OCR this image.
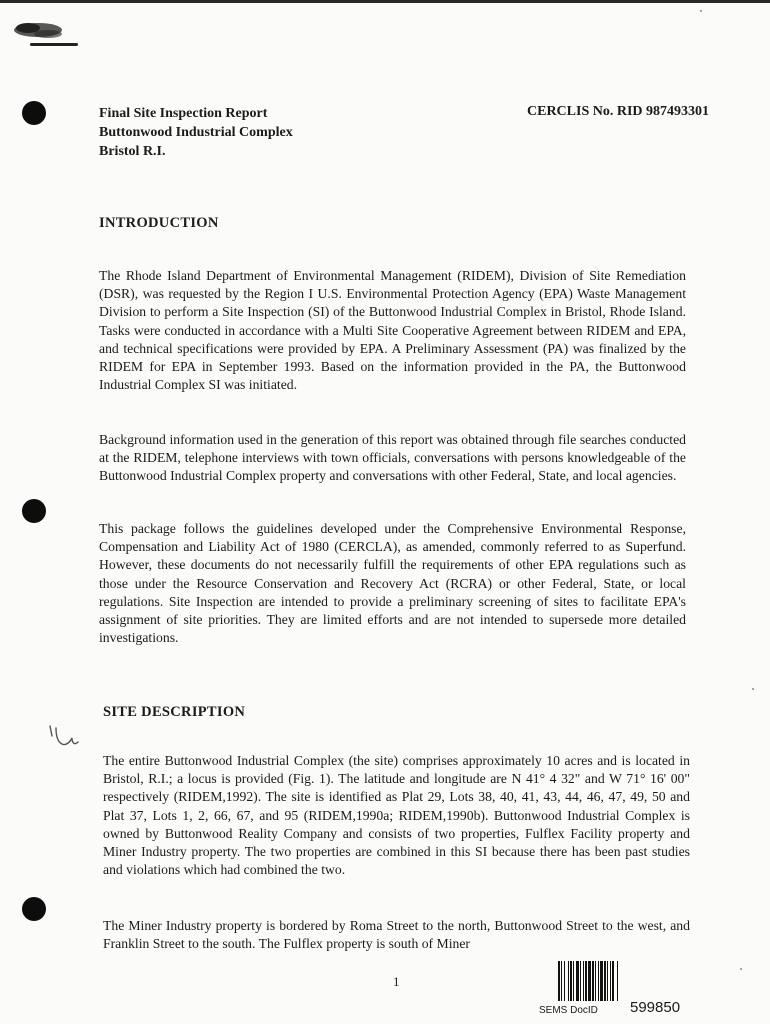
Final Site Inspection Report
Buttonwood Industrial Complex
Bristol R.I.
CERCLIS No. RID 987493301
INTRODUCTION

The Rhode Island Department of Environmental Management (RIDEM), Division of Site Remediation (DSR), was requested by the Region I U.S. Environmental Protection Agency (EPA) Waste Management Division to perform a Site Inspection (SI) of the Buttonwood Industrial Complex in Bristol, Rhode Island. Tasks were conducted in accordance with a Multi Site Cooperative Agreement between RIDEM and EPA, and technical specifications were provided by EPA. A Preliminary Assessment (PA) was finalized by the RIDEM for EPA in September 1993. Based on the information provided in the PA, the Buttonwood Industrial Complex SI was initiated.

Background information used in the generation of this report was obtained through file searches conducted at the RIDEM, telephone interviews with town officials, conversations with persons knowledgeable of the Buttonwood Industrial Complex property and conversations with other Federal, State, and local agencies.

This package follows the guidelines developed under the Comprehensive Environmental Response, Compensation and Liability Act of 1980 (CERCLA), as amended, commonly referred to as Superfund. However, these documents do not necessarily fulfill the requirements of other EPA regulations such as those under the Resource Conservation and Recovery Act (RCRA) or other Federal, State, or local regulations. Site Inspection are intended to provide a preliminary screening of sites to facilitate EPA's assignment of site priorities. They are limited efforts and are not intended to supersede more detailed investigations.

SITE DESCRIPTION

The entire Buttonwood Industrial Complex (the site) comprises approximately 10 acres and is located in Bristol, R.I.; a locus is provided (Fig. 1). The latitude and longitude are N 41° 4 32" and W 71° 16' 00" respectively (RIDEM,1992). The site is identified as Plat 29, Lots 38, 40, 41, 43, 44, 46, 47, 49, 50 and Plat 37, Lots 1, 2, 66, 67, and 95 (RIDEM,1990a; RIDEM,1990b). Buttonwood Industrial Complex is owned by Buttonwood Reality Company and consists of two properties, Fulflex Facility property and Miner Industry property. The two properties are combined in this SI because there has been past studies and violations which had combined the two.

The Miner Industry property is bordered by Roma Street to the north, Buttonwood Street to the west, and Franklin Street to the south. The Fulflex property is south of Miner

1
SEMS DocID 599850
